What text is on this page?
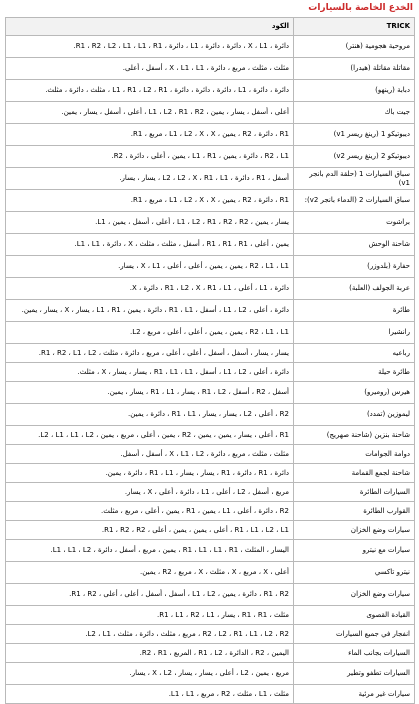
الخدع الخاصة بالسيارات
TRICK	الكود
مروحية هجومية (هنتر)	دائرة ، X ، L1 ، دائرة ، دائرة ، L1 ، دائرة ، R1 ، R2 ، L2 ، L1 ، L1 ، R1.
مقاتلة مقاتلة (هيدرا)	مثلث ، مثلث ، مربع ، دائرة ، X ، L1 ، L1 ، أسفل ، أعلى.
دبابة (رينهو)	دائرة ، دائرة ، L1 ، دائرة ، دائرة ، دائرة ، L1 ، R1 ، L2 ، R1 ، مثلث ، دائرة ، مثلث.
جيت باك	أعلى ، أسفل ، يسار ، يمين ، L1 ، L2 ، R1 ، R2 ، أعلى ، أسفل ، يسار ، يمين.
ديبوتيكو 1 (رينغ ريسر v1)	R1 ، دائرة ، R2 ، يمين ، L1 ، L2 ، X ، X ، مربع ، R1.
ديبوتيكو 2 (رينغ ريسر v2)	R2 ، L1 ، دائرة ، يمين ، L1 ، R1 ، يمين ، أعلى ، دائرة ، R2.
سباق السيارات 1 (حلقة الدم بانجر v1)	أسفل ، R1 ، دائرة ، L2 ، L2 ، X ، R1 ، L1 ، يسار ، يسار.
سباق السيارات 2 (الدماء بانجر v2):	R1 ، دائرة ، R2 ، يمين ، L1 ، L2 ، X ، X ، مربع ، R1.
براشوت	يسار ، يمين ، L1 ، L2 ، R1 ، R2 ، R2 ، أعلى ، أسفل ، يمين ، L1.
شاحنة الوحش	يمين ، أعلى ، R1 ، R1 ، R1 ، أسفل ، مثلث ، مثلث ، X ، دائرة ، L1 ، L1.
حفارة (بلدوزر)	R2 ، L1 ، L1 ، يمين ، يمين ، أعلى ، أعلى ، X ، L1 ، يسار.
عربة الجولف (العلبة)	دائرة ، L1 ، أعلى ، R1 ، L2 ، X ، R1 ، L1 ، دائرة ، X.
طائرة	دائرة ، أعلى ، L1 ، L2 ، أسفل ، R1 ، L1 ، دائرة ، يمين ، L1 ، R1 ، يسار ، X ، يسار ، يمين.
رانشيرا	R2 ، L1 ، L1 ، يمين ، يمين ، أعلى ، أعلى ، مربع ، L2.
رباعيه	يسار ، يسار ، أسفل ، أسفل ، أعلى ، أعلى ، مربع ، دائرة ، مثلث ، R1 ، R2 ، L1 ، L2.
طائرة حيلة	دائرة ، أعلى ، L1 ، L2 ، أسفل ، R1 ، L1 ، L1 ، يسار ، يسار ، X ، مثلث.
هيرس (روميرو)	أسفل ، R2 ، أسفل ، R1 ، L2 ، يسار ، R1 ، L1 ، يسار ، يمين.
ليموزين (تمدد)	R2 ، أعلى ، L2 ، يسار ، يسار ، R1 ، L1 ، دائرة ، يمين.
شاحنة بنزين (شاحنة صهريج)	R1 ، أعلى ، يسار ، يمين ، يمين ، R2 ، يمين ، أعلى ، مربع ، يمين ، L2 ، L1 ، L1 ، L2.
دوامة الجوامات	مثلث ، مثلث ، مربع ، دائرة ، X ، L1 ، L2 ، أسفل ، أسفل.
شاحنة لجمع القمامة	دائرة ، R1 ، دائرة ، R1 ، يسار ، يسار ، R1 ، L1 ، دائرة ، يمين.
السيارات الطائرة	مربع ، أسفل ، L2 ، أعلى ، L1 ، دائرة ، أعلى ، X ، يسار.
القوارب الطائرة	R2 ، دائرة ، أعلى ، L1 ، يمين ، R1 ، يمين ، أعلى ، مربع ، مثلث.
سيارات وضع الخزان	R1 ، L1 ، L2 ، L1 ، أعلى ، يمين ، يمين ، أعلى ، R1 ، R2 ، R2.
سيارات مع نيترو	اليسار ، المثلث ، R1 ، L1 ، L1 ، R1 ، يمين ، مربع ، أسفل ، دائرة ، L1 ، L1 ، L2.
نيترو تاكسي	أعلى ، X ، مربع ، X ، مثلث ، X ، مربع ، R2 ، يمين.
سيارات وضع الخزان	R1 ، R2 ، دائرة ، يمين ، L1 ، L2 ، أسفل ، أسفل ، أعلى ، أعلى ، R1 ، R2.
القيادة القصوى	مثلث ، R1 ، R1 ، يسار ، R1 ، L1 ، R2 ، L1.
انفجار في جميع السيارات	R2 ، L2 ، R1 ، L1 ، L2 ، R2 ، مربع ، مثلث ، دائرة ، مثلث ، L2 ، L1.
السيارات بجانب الماء	اليمين ، R2 ، الدائرة ، R1 ، L2 ، المربع ، R2 ، R1.
السيارات تطفو وتطير	مربع ، يمين ، L2 ، أعلى ، يسار ، يسار ، X ، L2 ، يسار.
سيارات غير مرئية	مثلث ، L1 ، مثلث ، R2 ، مربع ، L1 ، L1.
